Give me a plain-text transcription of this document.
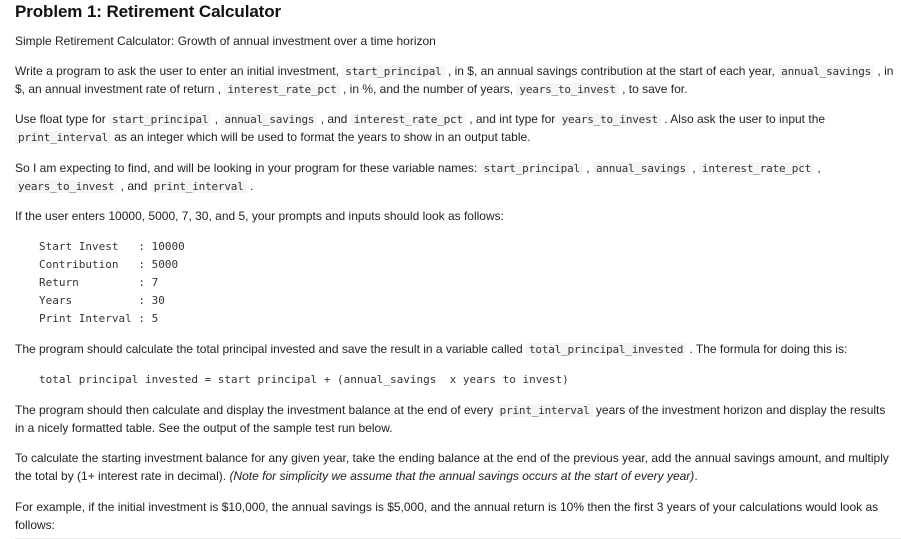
Problem 1: Retirement Calculator

Simple Retirement Calculator: Growth of annual investment over a time horizon

Write a program to ask the user to enter an initial investment, start_principal , in $, an annual savings contribution at the start of each year, annual_savings , in $, an annual investment rate of return , interest_rate_pct , in %, and the number of years, years_to_invest , to save for.

Use float type for start_principal , annual_savings , and interest_rate_pct , and int type for years_to_invest . Also ask the user to input the print_interval as an integer which will be used to format the years to show in an output table.

So I am expecting to find, and will be looking in your program for these variable names: start_principal , annual_savings , interest_rate_pct , years_to_invest , and print_interval .

If the user enters 10000, 5000, 7, 30, and 5, your prompts and inputs should look as follows:

Start Invest   : 10000
Contribution   : 5000
Return         : 7
Years          : 30
Print Interval : 5

The program should calculate the total principal invested and save the result in a variable called total_principal_invested . The formula for doing this is:

total principal invested = start principal + (annual_savings  x years to invest)

The program should then calculate and display the investment balance at the end of every print_interval years of the investment horizon and display the results in a nicely formatted table. See the output of the sample test run below.

To calculate the starting investment balance for any given year, take the ending balance at the end of the previous year, add the annual savings amount, and multiply the total by (1+ interest rate in decimal). (Note for simplicity we assume that the annual savings occurs at the start of every year).

For example, if the initial investment is $10,000, the annual savings is $5,000, and the annual return is 10% then the first 3 years of your calculations would look as follows:
